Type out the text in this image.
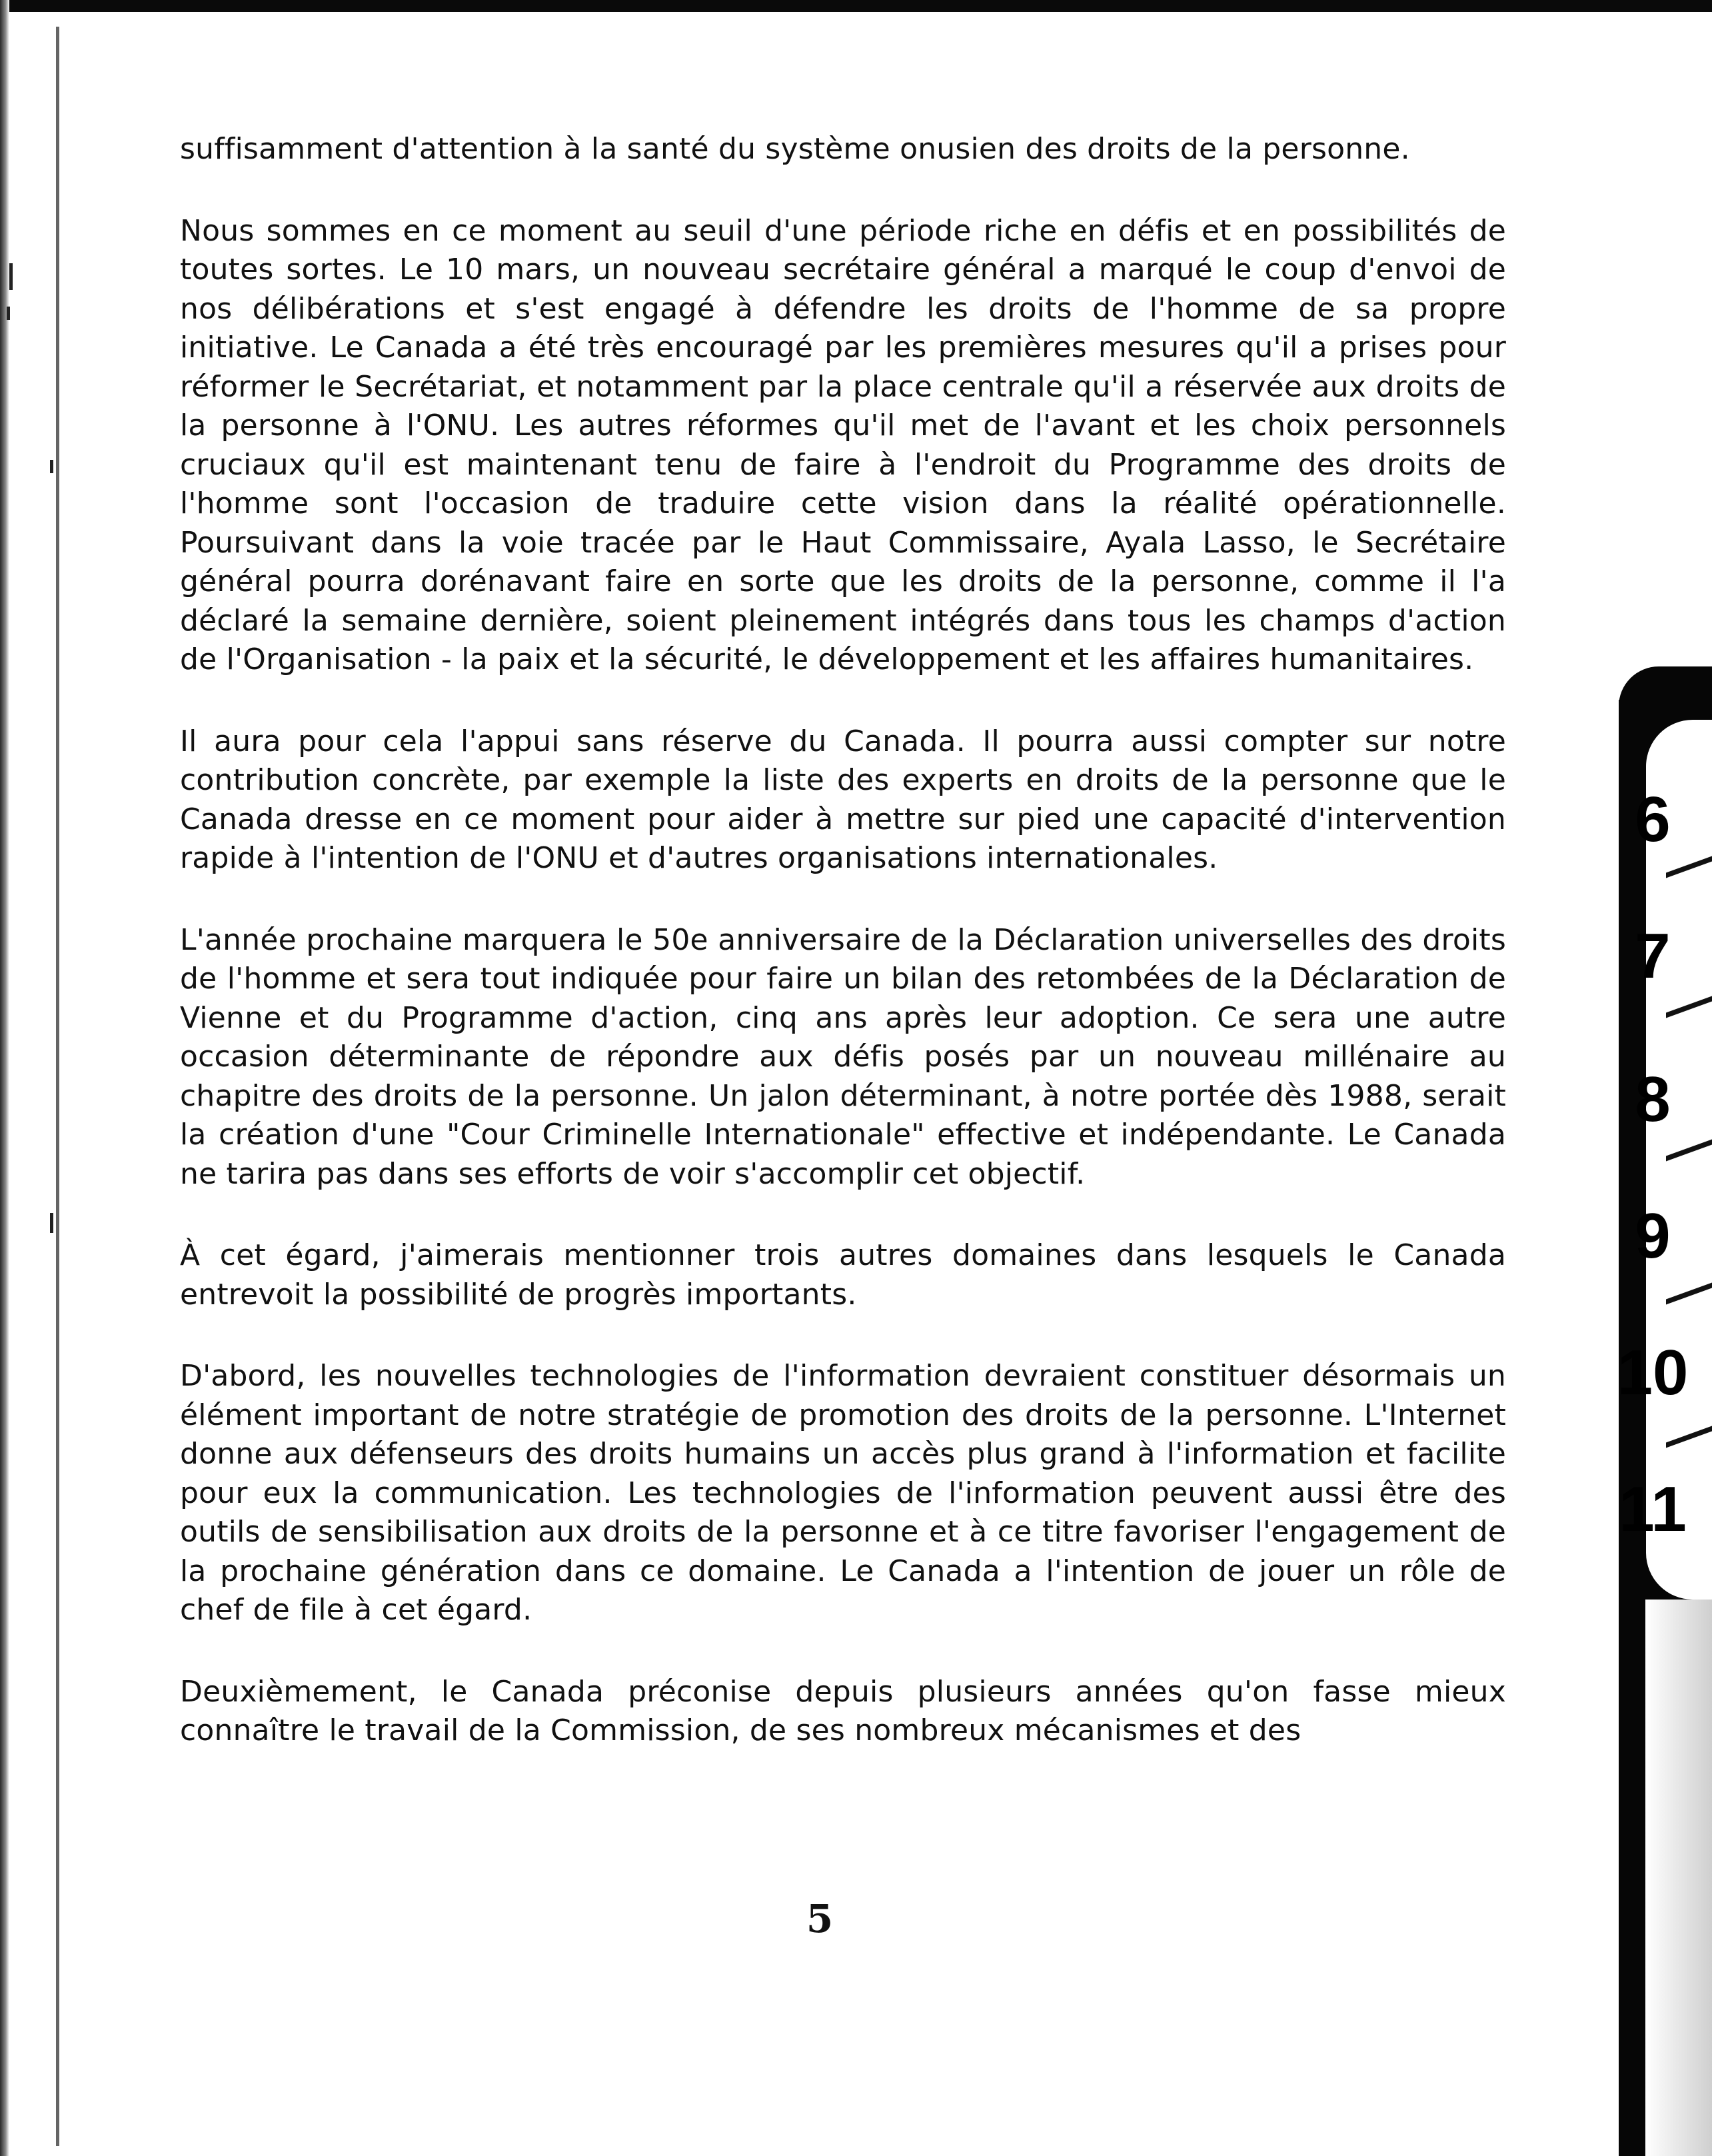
6
7
8
9
10
11

suffisamment d'attention à la santé du système onusien des droits de la personne.

Nous sommes en ce moment au seuil d'une période riche en défis et en possibilités de toutes sortes. Le 10 mars, un nouveau secrétaire général a marqué le coup d'envoi de nos délibérations et s'est engagé à défendre les droits de l'homme de sa propre initiative. Le Canada a été très encouragé par les premières mesures qu'il a prises pour réformer le Secrétariat, et notamment par la place centrale qu'il a réservée aux droits de la personne à l'ONU. Les autres réformes qu'il met de l'avant et les choix personnels cruciaux qu'il est maintenant tenu de faire à l'endroit du Programme des droits de l'homme sont l'occasion de traduire cette vision dans la réalité opérationnelle. Poursuivant dans la voie tracée par le Haut Commissaire, Ayala Lasso, le Secrétaire général pourra dorénavant faire en sorte que les droits de la personne, comme il l'a déclaré la semaine dernière, soient pleinement intégrés dans tous les champs d'action de l'Organisation - la paix et la sécurité, le développement et les affaires humanitaires.

Il aura pour cela l'appui sans réserve du Canada. Il pourra aussi compter sur notre contribution concrète, par exemple la liste des experts en droits de la personne que le Canada dresse en ce moment pour aider à mettre sur pied une capacité d'intervention rapide à l'intention de l'ONU et d'autres organisations internationales.

L'année prochaine marquera le 50e anniversaire de la Déclaration universelles des droits de l'homme et sera tout indiquée pour faire un bilan des retombées de la Déclaration de Vienne et du Programme d'action, cinq ans après leur adoption. Ce sera une autre occasion déterminante de répondre aux défis posés par un nouveau millénaire au chapitre des droits de la personne. Un jalon déterminant, à notre portée dès 1988, serait la création d'une "Cour Criminelle Internationale" effective et indépendante. Le Canada ne tarira pas dans ses efforts de voir s'accomplir cet objectif.

À cet égard, j'aimerais mentionner trois autres domaines dans lesquels le Canada entrevoit la possibilité de progrès importants.

D'abord, les nouvelles technologies de l'information devraient constituer désormais un élément important de notre stratégie de promotion des droits de la personne. L'Internet donne aux défenseurs des droits humains un accès plus grand à l'information et facilite pour eux la communication. Les technologies de l'information peuvent aussi être des outils de sensibilisation aux droits de la personne et à ce titre favoriser l'engagement de la prochaine génération dans ce domaine. Le Canada a l'intention de jouer un rôle de chef de file à cet égard.

Deuxièmement, le Canada préconise depuis plusieurs années qu'on fasse mieux connaître le travail de la Commission, de ses nombreux mécanismes et des

5
